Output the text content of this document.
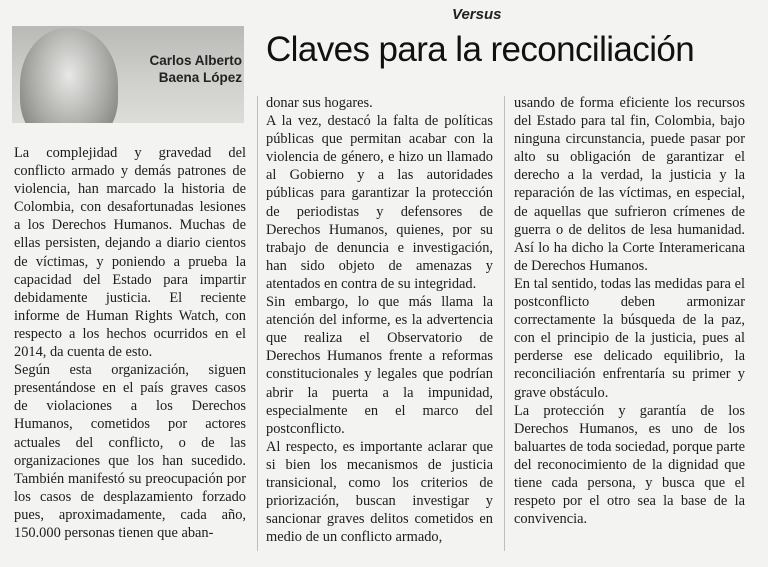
Versus
Claves para la reconciliación
Carlos Alberto
Baena López

La complejidad y gravedad del conflicto armado y demás patrones de violencia, han marcado la historia de Colombia, con desafortunadas lesiones a los Derechos Humanos. Muchas de ellas persisten, dejando a diario cientos de víctimas, y poniendo a prueba la capacidad del Estado para impartir debidamente justicia. El reciente informe de Human Rights Watch, con respecto a los hechos ocurridos en el 2014, da cuenta de esto.

Según esta organización, siguen presentándose en el país graves casos de violaciones a los Derechos Humanos, cometidos por actores actuales del conflicto, o de las organizaciones que los han sucedido. También manifestó su preocupación por los casos de desplazamiento forzado pues, aproximadamente, cada año, 150.000 personas tienen que aban-

donar sus hogares.

A la vez, destacó la falta de políticas públicas que permitan acabar con la violencia de género, e hizo un llamado al Gobierno y a las autoridades públicas para garantizar la protección de periodistas y defensores de Derechos Humanos, quienes, por su trabajo de denuncia e investigación, han sido objeto de amenazas y atentados en contra de su integridad.

Sin embargo, lo que más llama la atención del informe, es la advertencia que realiza el Observatorio de Derechos Humanos frente a reformas constitucionales y legales que podrían abrir la puerta a la impunidad, especialmente en el marco del postconflicto.

Al respecto, es importante aclarar que si bien los mecanismos de justicia transicional, como los criterios de priorización, buscan investigar y sancionar graves delitos cometidos en medio de un conflicto armado,

usando de forma eficiente los recursos del Estado para tal fin, Colombia, bajo ninguna circunstancia, puede pasar por alto su obligación de garantizar el derecho a la verdad, la justicia y la reparación de las víctimas, en especial, de aquellas que sufrieron crímenes de guerra o de delitos de lesa humanidad. Así lo ha dicho la Corte Interamericana de Derechos Humanos.

En tal sentido, todas las medidas para el postconflicto deben armonizar correctamente la búsqueda de la paz, con el principio de la justicia, pues al perderse ese delicado equilibrio, la reconciliación enfrentaría su primer y grave obstáculo.

La protección y garantía de los Derechos Humanos, es uno de los baluartes de toda sociedad, porque parte del reconocimiento de la dignidad que tiene cada persona, y busca que el respeto por el otro sea la base de la convivencia.
